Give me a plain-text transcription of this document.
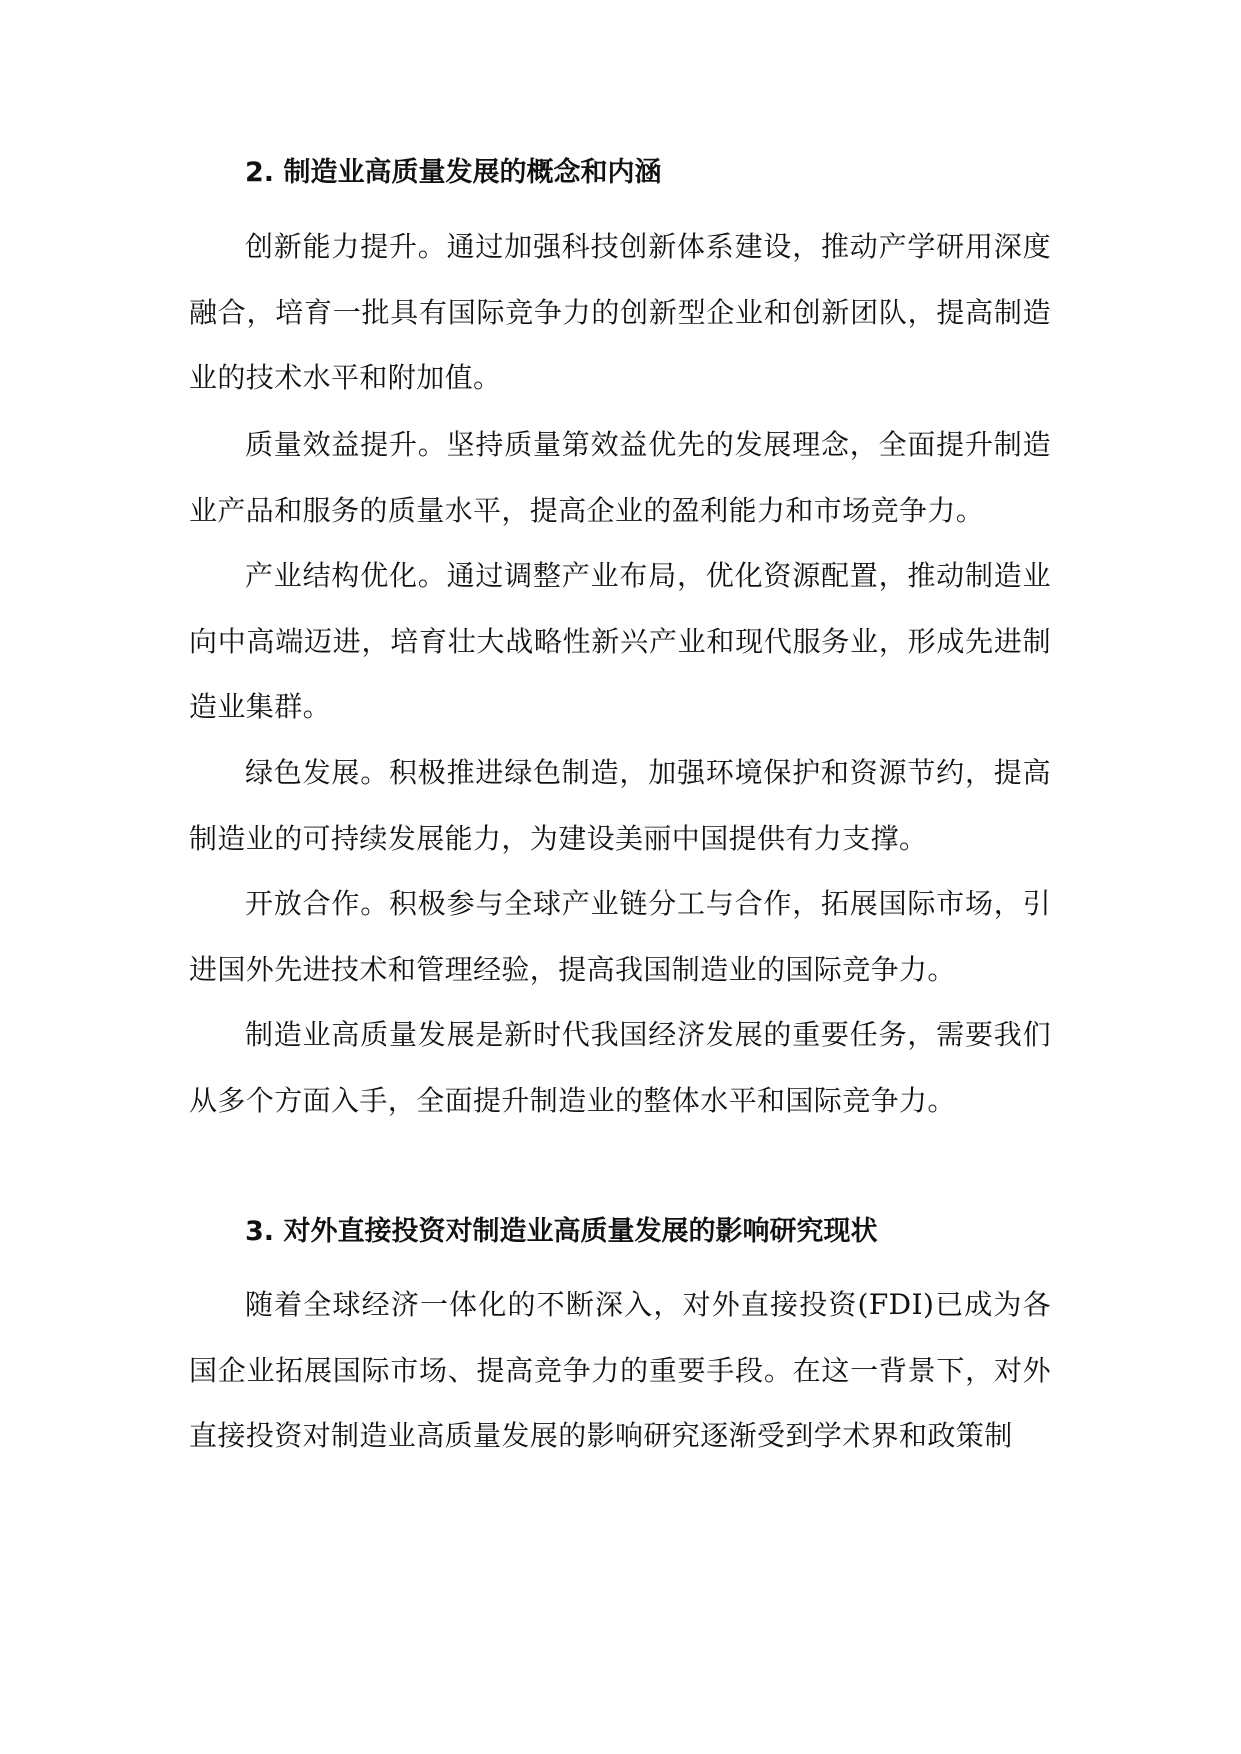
2. 制造业高质量发展的概念和内涵

创新能力提升。通过加强科技创新体系建设，推动产学研用深度融合，培育一批具有国际竞争力的创新型企业和创新团队，提高制造业的技术水平和附加值。

质量效益提升。坚持质量第效益优先的发展理念，全面提升制造业产品和服务的质量水平，提高企业的盈利能力和市场竞争力。

产业结构优化。通过调整产业布局，优化资源配置，推动制造业向中高端迈进，培育壮大战略性新兴产业和现代服务业，形成先进制造业集群。

绿色发展。积极推进绿色制造，加强环境保护和资源节约，提高制造业的可持续发展能力，为建设美丽中国提供有力支撑。

开放合作。积极参与全球产业链分工与合作，拓展国际市场，引进国外先进技术和管理经验，提高我国制造业的国际竞争力。

制造业高质量发展是新时代我国经济发展的重要任务，需要我们从多个方面入手，全面提升制造业的整体水平和国际竞争力。

3. 对外直接投资对制造业高质量发展的影响研究现状

随着全球经济一体化的不断深入，对外直接投资(FDI)已成为各国企业拓展国际市场、提高竞争力的重要手段。在这一背景下，对外直接投资对制造业高质量发展的影响研究逐渐受到学术界和政策制
